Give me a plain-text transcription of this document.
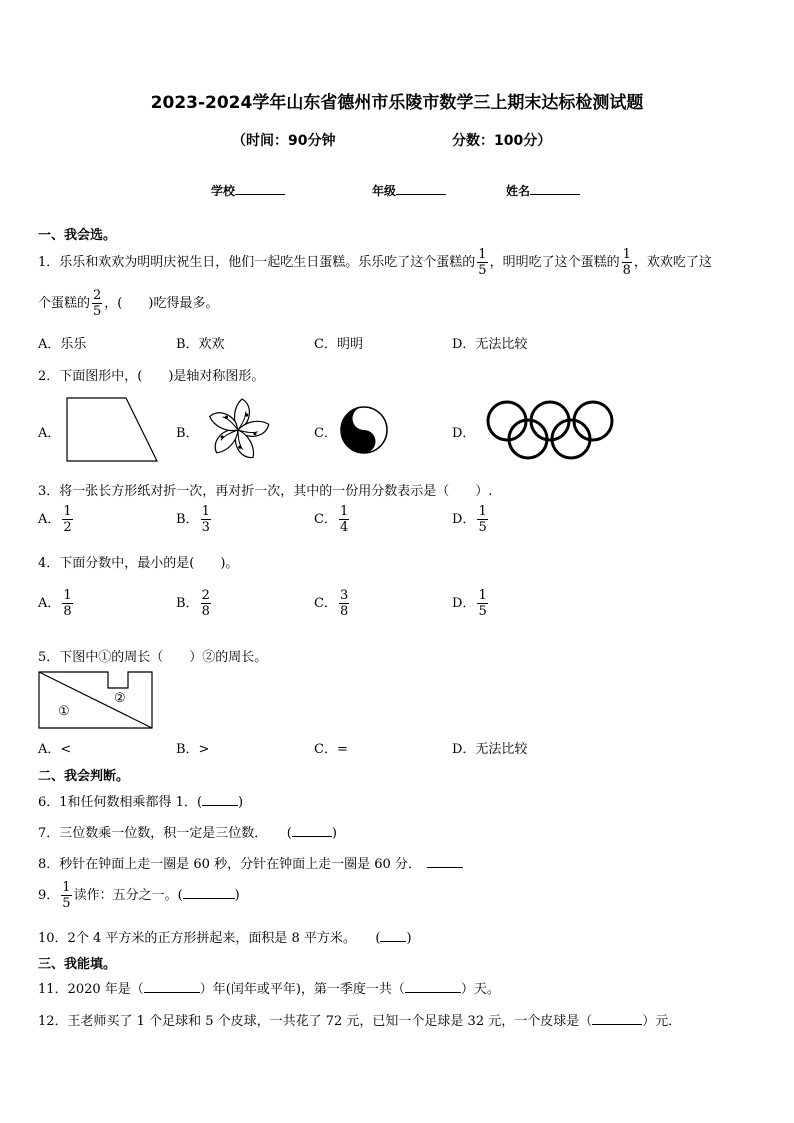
2023-2024学年山东省德州市乐陵市数学三上期末达标检测试题
（时间：90分钟	分数：100分）
学校	年级	姓名
一、我会选。
1．乐乐和欢欢为明明庆祝生日，他们一起吃生日蛋糕。乐乐吃了这个蛋糕的 $\frac{1}{5}$ ，明明吃了这个蛋糕的 $\frac{1}{8}$ ，欢欢吃了这
个蛋糕的 $\frac{2}{5}$ ，(　　)吃得最多。
A．乐乐	B．欢欢	C．明明	D．无法比较
2．下面图形中，(　　)是轴对称图形。
A．	B．	C．	D．
3．将一张长方形纸对折一次，再对折一次，其中的一份用分数表示是（　　）.
A． $\frac{1}{2}$	B． $\frac{1}{3}$	C． $\frac{1}{4}$	D． $\frac{1}{5}$
4．下面分数中，最小的是(　　)。
A． $\frac{1}{8}$	B． $\frac{2}{8}$	C． $\frac{3}{8}$	D． $\frac{1}{5}$
5．下图中①的周长（　　）②的周长。
①
②
A．<	B．>	C．=	D．无法比较
二、我会判断。
6．1和任何数相乘都得 1．(	)
7．三位数乘一位数，积一定是三位数．　　(	)
8．秒针在钟面上走一圈是 60 秒，分针在钟面上走一圈是 60 分．
9． $\frac{1}{5}$ 读作：五分之一。(	)
10．2个 4 平方米的正方形拼起来，面积是 8 平方米。　　( )
三、我能填。
11．2020 年是（	）年(闰年或平年)，第一季度一共（	）天。
12．王老师买了 1 个足球和 5 个皮球，一共花了 72 元，已知一个足球是 32 元，一个皮球是（	）元．
